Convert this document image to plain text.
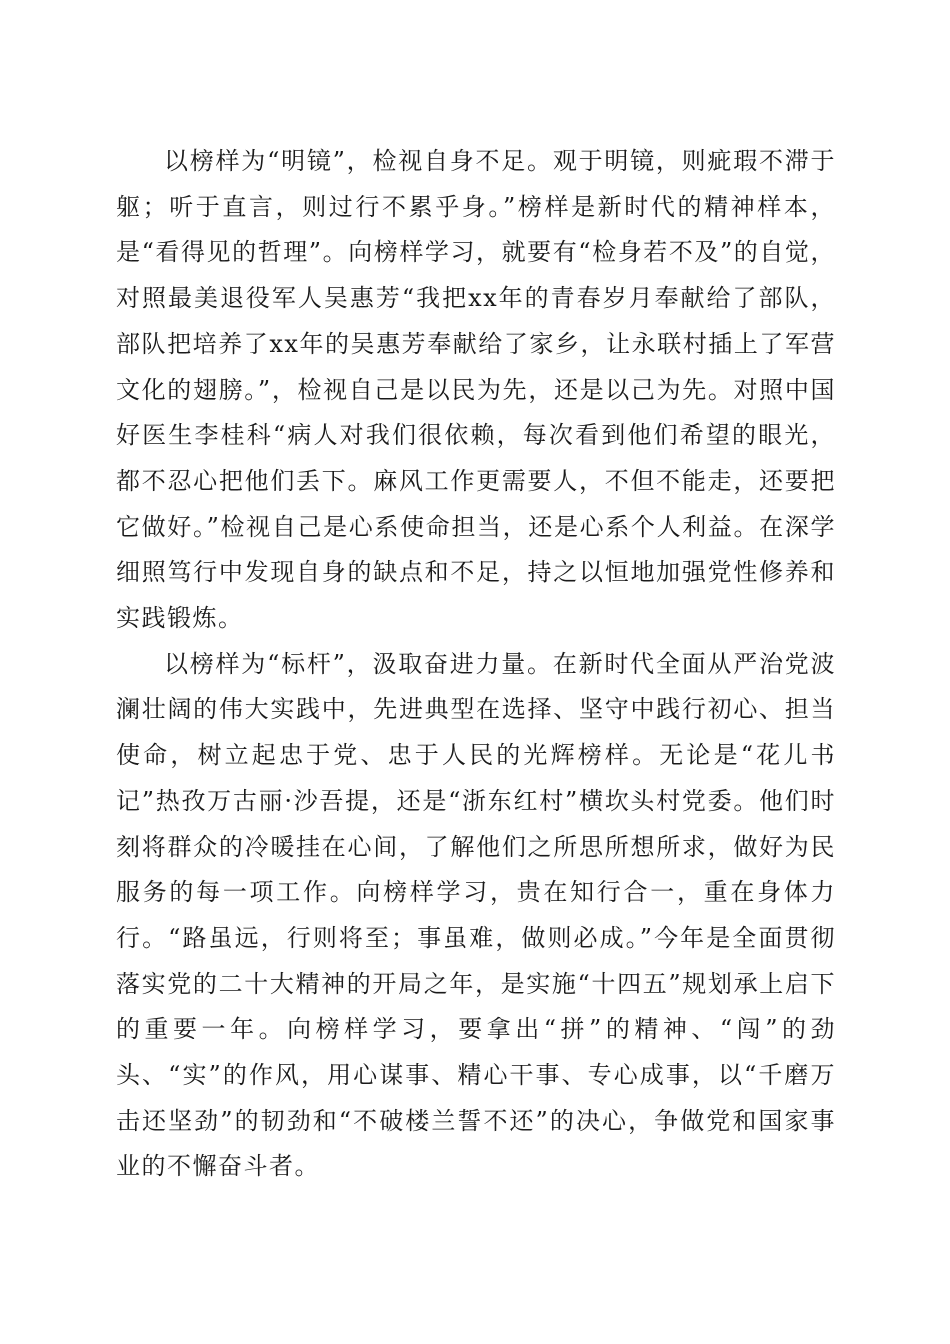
以榜样为“明镜”，检视自身不足。观于明镜，则疵瑕不滞于躯；听于直言，则过行不累乎身。”榜样是新时代的精神样本，是“看得见的哲理”。向榜样学习，就要有“检身若不及”的自觉，对照最美退役军人吴惠芳“我把xx年的青春岁月奉献给了部队，部队把培养了xx年的吴惠芳奉献给了家乡，让永联村插上了军营文化的翅膀。”，检视自己是以民为先，还是以己为先。对照中国好医生李桂科“病人对我们很依赖，每次看到他们希望的眼光，都不忍心把他们丢下。麻风工作更需要人，不但不能走，还要把它做好。”检视自己是心系使命担当，还是心系个人利益。在深学细照笃行中发现自身的缺点和不足，持之以恒地加强党性修养和实践锻炼。

以榜样为“标杆”，汲取奋进力量。在新时代全面从严治党波澜壮阔的伟大实践中，先进典型在选择、坚守中践行初心、担当使命，树立起忠于党、忠于人民的光辉榜样。无论是“花儿书记”热孜万古丽·沙吾提，还是“浙东红村”横坎头村党委。他们时刻将群众的冷暖挂在心间，了解他们之所思所想所求，做好为民服务的每一项工作。向榜样学习，贵在知行合一，重在身体力行。“路虽远，行则将至；事虽难，做则必成。”今年是全面贯彻落实党的二十大精神的开局之年，是实施“十四五”规划承上启下的重要一年。向榜样学习，要拿出“拼”的精神、“闯”的劲头、“实”的作风，用心谋事、精心干事、专心成事，以“千磨万击还坚劲”的韧劲和“不破楼兰誓不还”的决心，争做党和国家事业的不懈奋斗者。
